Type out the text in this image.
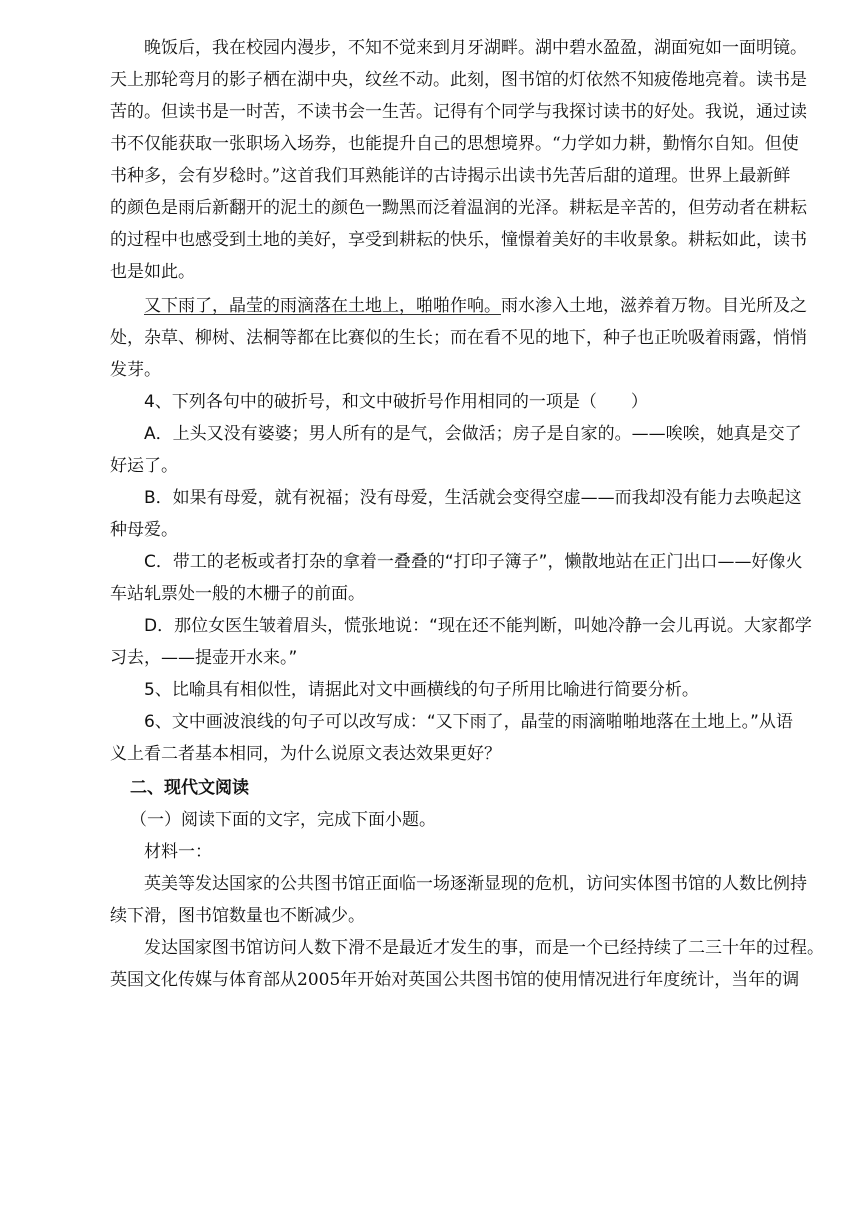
晚饭后，我在校园内漫步，不知不觉来到月牙湖畔。湖中碧水盈盈，湖面宛如一面明镜。
天上那轮弯月的影子栖在湖中央，纹丝不动。此刻，图书馆的灯依然不知疲倦地亮着。读书是
苦的。但读书是一时苦，不读书会一生苦。记得有个同学与我探讨读书的好处。我说，通过读
书不仅能获取一张职场入场券，也能提升自己的思想境界。“力学如力耕，勤惰尔自知。但使
书种多，会有岁稔时。”这首我们耳熟能详的古诗揭示出读书先苦后甜的道理。世界上最新鲜
的颜色是雨后新翻开的泥土的颜色一黝黑而泛着温润的光泽。耕耘是辛苦的，但劳动者在耕耘
的过程中也感受到土地的美好，享受到耕耘的快乐，憧憬着美好的丰收景象。耕耘如此，读书
也是如此。
又下雨了，晶莹的雨滴落在土地上，啪啪作响。雨水渗入土地，滋养着万物。目光所及之
处，杂草、柳树、法桐等都在比赛似的生长；而在看不见的地下，种子也正吮吸着雨露，悄悄
发芽。
4、下列各句中的破折号，和文中破折号作用相同的一项是（　　）
A．上头又没有婆婆；男人所有的是气，会做活；房子是自家的。——唉唉，她真是交了
好运了。
B．如果有母爱，就有祝福；没有母爱，生活就会变得空虚——而我却没有能力去唤起这
种母爱。
C．带工的老板或者打杂的拿着一叠叠的“打印子簿子”，懒散地站在正门出口——好像火
车站轧票处一般的木栅子的前面。
D．那位女医生皱着眉头，慌张地说：“现在还不能判断，叫她冷静一会儿再说。大家都学
习去，——提壶开水来。”
5、比喻具有相似性，请据此对文中画横线的句子所用比喻进行简要分析。
6、文中画波浪线的句子可以改写成：“又下雨了，晶莹的雨滴啪啪地落在土地上。”从语
义上看二者基本相同，为什么说原文表达效果更好？

二、现代文阅读

（一）阅读下面的文字，完成下面小题。
材料一：
英美等发达国家的公共图书馆正面临一场逐渐显现的危机，访问实体图书馆的人数比例持
续下滑，图书馆数量也不断减少。
发达国家图书馆访问人数下滑不是最近才发生的事，而是一个已经持续了二三十年的过程。
英国文化传媒与体育部从2005年开始对英国公共图书馆的使用情况进行年度统计，当年的调
